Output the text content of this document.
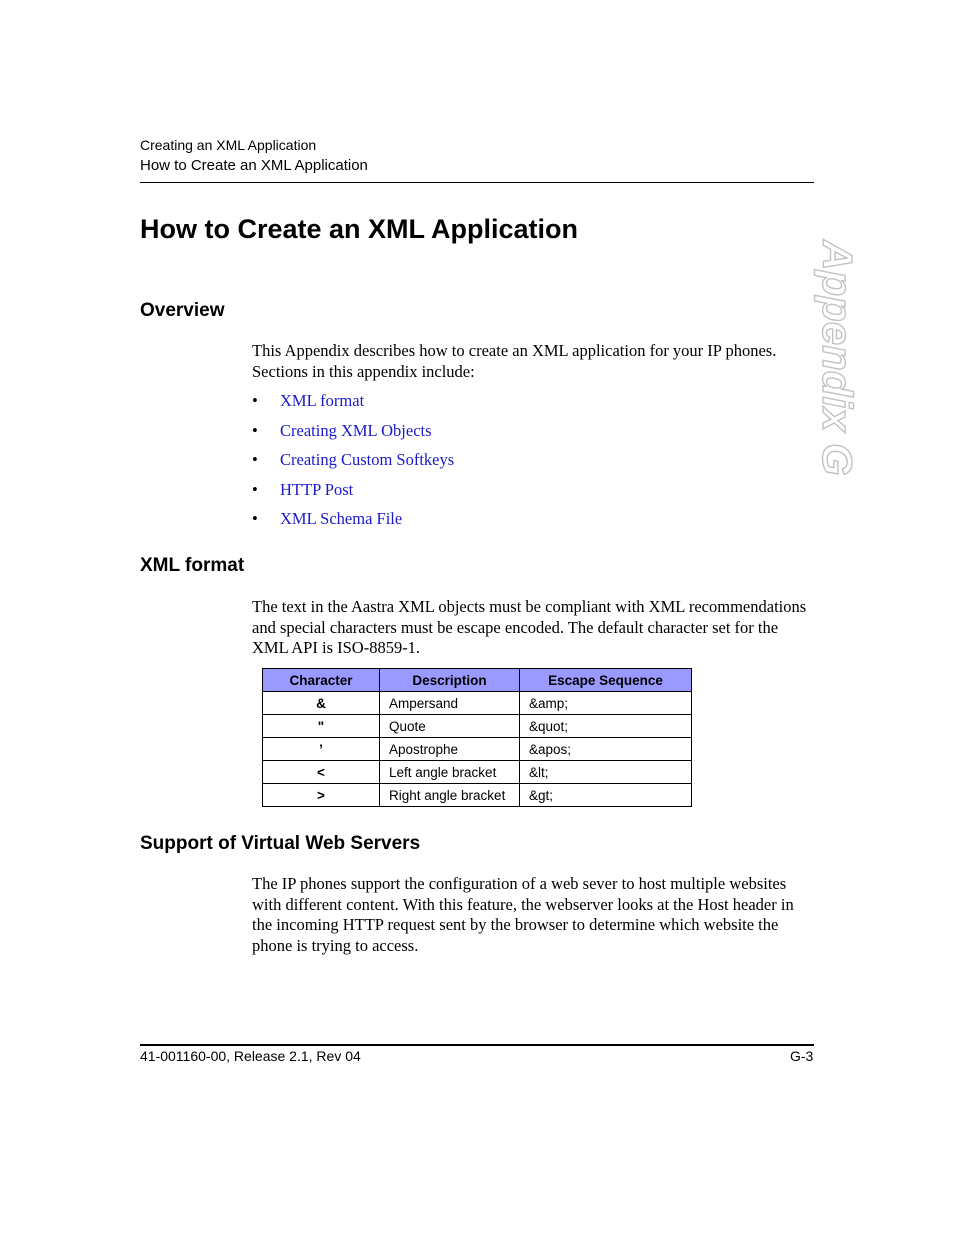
Creating an XML Application
How to Create an XML Application
Appendix G
How to Create an XML Application
Overview

This Appendix describes how to create an XML application for your IP phones. Sections in this appendix include:

• XML format
• Creating XML Objects
• Creating Custom Softkeys
• HTTP Post
• XML Schema File
XML format

The text in the Aastra XML objects must be compliant with XML recommendations and special characters must be escape encoded. The default character set for the XML API is ISO-8859-1.

Character	Description	Escape Sequence
&	Ampersand	&amp;
"	Quote	&quot;
’	Apostrophe	&apos;
<	Left angle bracket	&lt;
>	Right angle bracket	&gt;
Support of Virtual Web Servers

The IP phones support the configuration of a web sever to host multiple websites with different content. With this feature, the webserver looks at the Host header in the incoming HTTP request sent by the browser to determine which website the phone is trying to access.

41-001160-00, Release 2.1, Rev 04	G-3
